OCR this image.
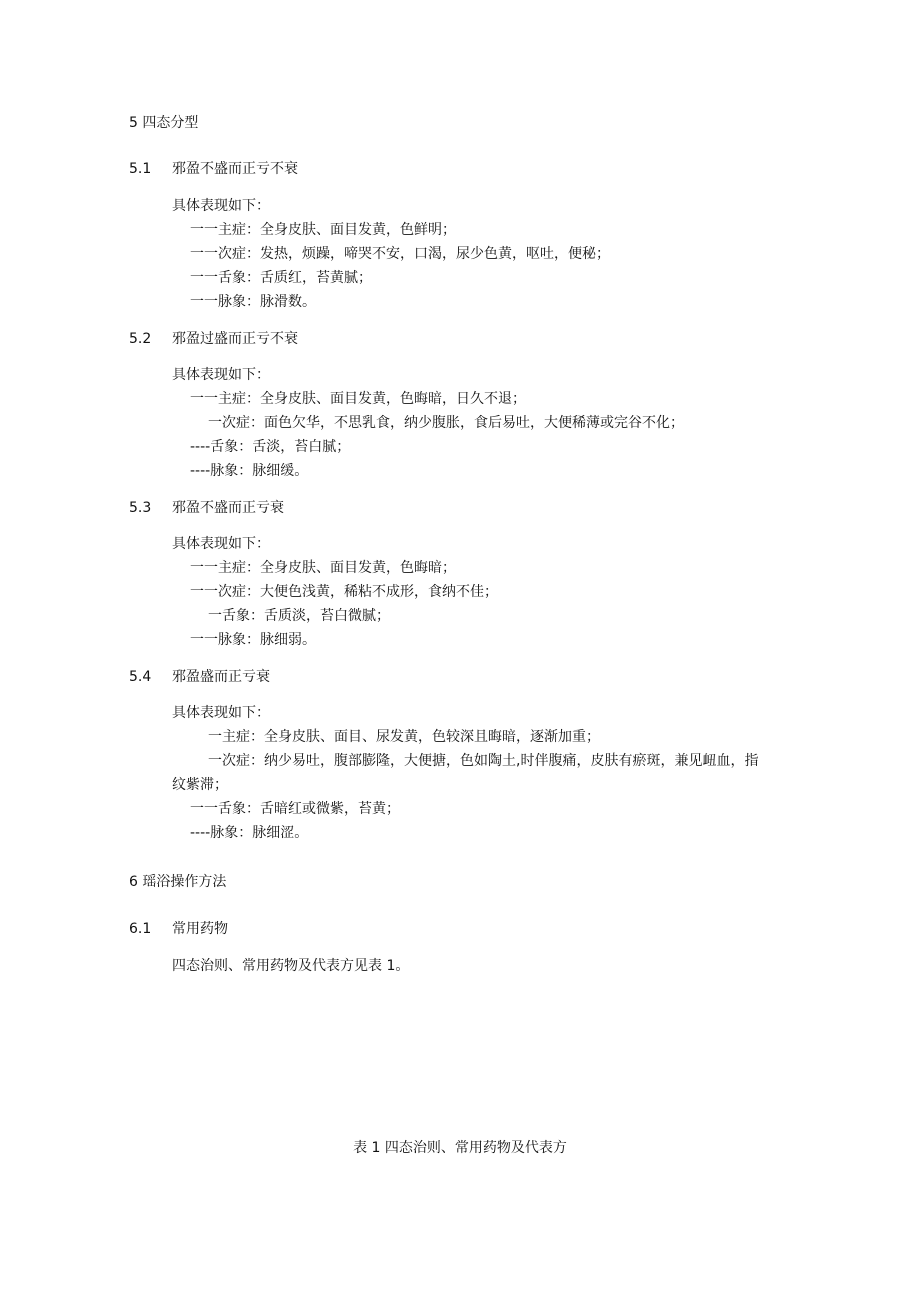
5 四态分型
5.1 邪盈不盛而正亏不衰
具体表现如下：
一一主症：全身皮肤、面目发黄，色鲜明；
一一次症：发热，烦躁，啼哭不安，口渴，尿少色黄，呕吐，便秘；
一一舌象：舌质红，苔黄腻；
一一脉象：脉滑数。
5.2 邪盈过盛而正亏不衰
具体表现如下：
一一主症：全身皮肤、面目发黄，色晦暗，日久不退；
一次症：面色欠华，不思乳食，纳少腹胀，食后易吐，大便稀薄或完谷不化；
----舌象：舌淡，苔白腻；
----脉象：脉细缓。
5.3 邪盈不盛而正亏衰
具体表现如下：
一一主症：全身皮肤、面目发黄，色晦暗；
一一次症：大便色浅黄，稀粘不成形，食纳不佳；
一舌象：舌质淡，苔白微腻；
一一脉象：脉细弱。
5.4 邪盈盛而正亏衰
具体表现如下：
一主症：全身皮肤、面目、尿发黄，色较深且晦暗，逐渐加重；
一次症：纳少易吐，腹部膨隆，大便搪，色如陶土,时伴腹痛，皮肤有瘀斑，兼见衄血，指
纹紫滞；
一一舌象：舌暗红或微紫，苔黄；
----脉象：脉细涩。
6 瑶浴操作方法
6.1 常用药物
四态治则、常用药物及代表方见表 1。
表 1 四态治则、常用药物及代表方
